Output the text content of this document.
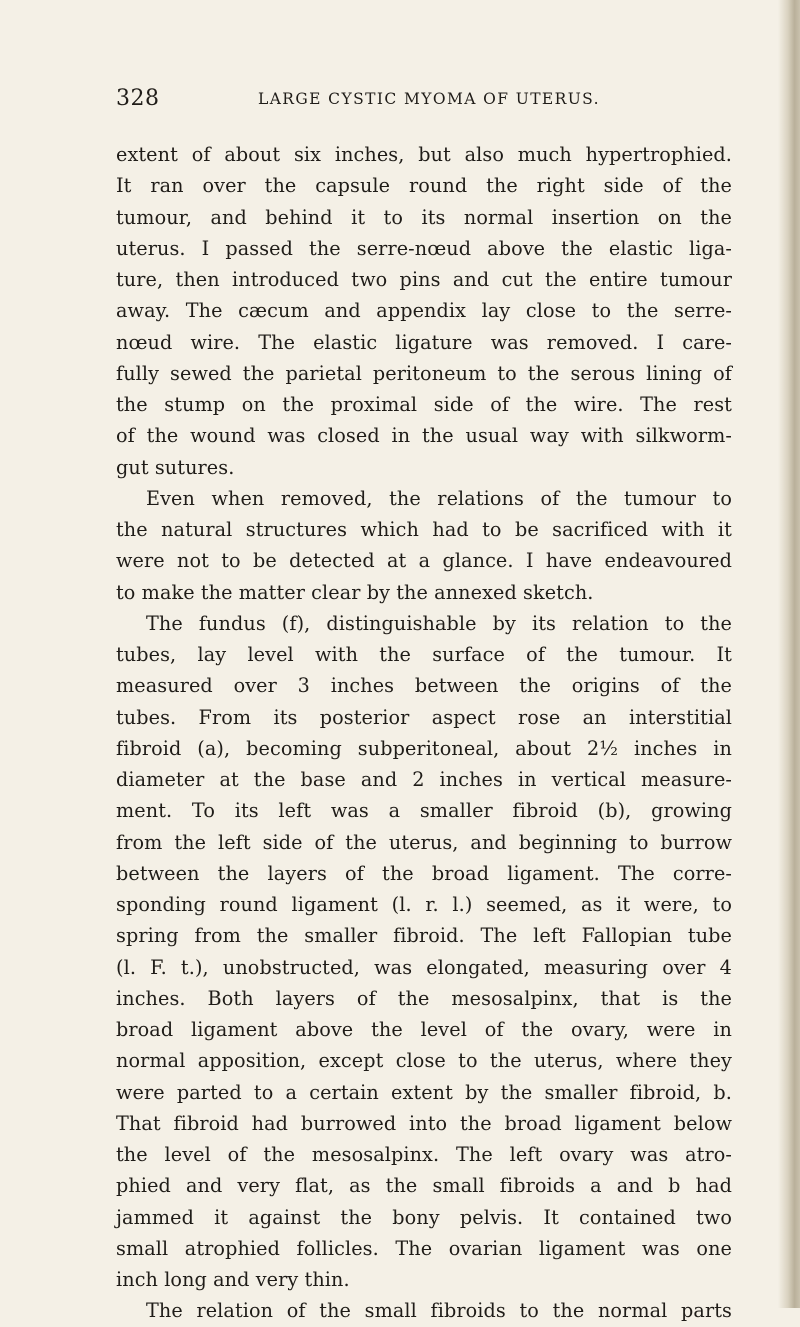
328	LARGE CYSTIC MYOMA OF UTERUS.
extent of about six inches, but also much hypertrophied.
It ran over the capsule round the right side of the
tumour, and behind it to its normal insertion on the
uterus. I passed the serre-nœud above the elastic liga-
ture, then introduced two pins and cut the entire tumour
away. The cæcum and appendix lay close to the serre-
nœud wire. The elastic ligature was removed. I care-
fully sewed the parietal peritoneum to the serous lining of
the stump on the proximal side of the wire. The rest
of the wound was closed in the usual way with silkworm-
gut sutures.
Even when removed, the relations of the tumour to
the natural structures which had to be sacrificed with it
were not to be detected at a glance. I have endeavoured
to make the matter clear by the annexed sketch.
The fundus (f), distinguishable by its relation to the
tubes, lay level with the surface of the tumour. It
measured over 3 inches between the origins of the
tubes. From its posterior aspect rose an interstitial
fibroid (a), becoming subperitoneal, about 2½ inches in
diameter at the base and 2 inches in vertical measure-
ment. To its left was a smaller fibroid (b), growing
from the left side of the uterus, and beginning to burrow
between the layers of the broad ligament. The corre-
sponding round ligament (l. r. l.) seemed, as it were, to
spring from the smaller fibroid. The left Fallopian tube
(l. F. t.), unobstructed, was elongated, measuring over 4
inches. Both layers of the mesosalpinx, that is the
broad ligament above the level of the ovary, were in
normal apposition, except close to the uterus, where they
were parted to a certain extent by the smaller fibroid, b.
That fibroid had burrowed into the broad ligament below
the level of the mesosalpinx. The left ovary was atro-
phied and very flat, as the small fibroids a and b had
jammed it against the bony pelvis. It contained two
small atrophied follicles. The ovarian ligament was one
inch long and very thin.
The relation of the small fibroids to the normal parts
